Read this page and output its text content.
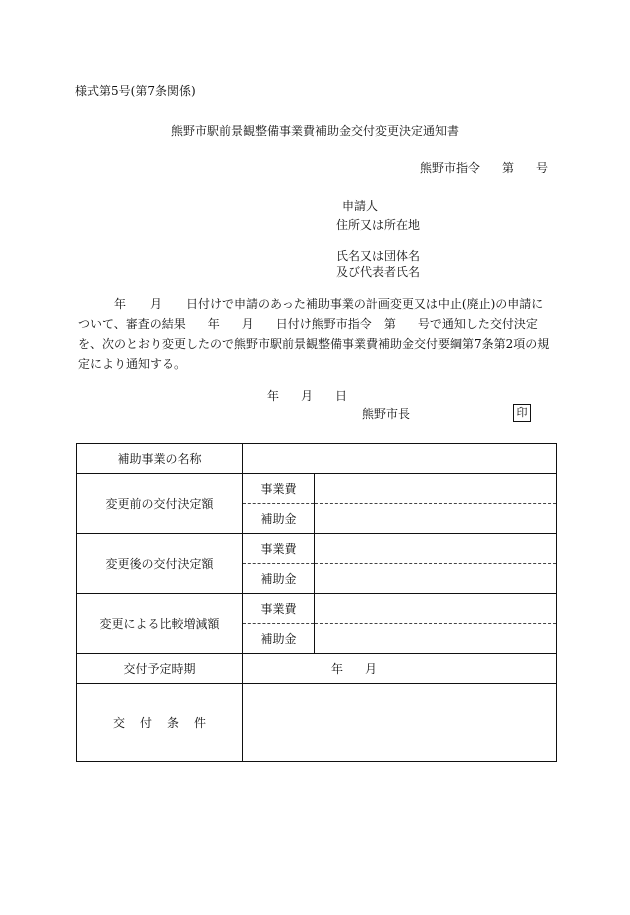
様式第5号(第7条関係)
熊野市駅前景観整備事業費補助金交付変更決定通知書
熊野市指令 第 号
申請人
住所又は所在地
氏名又は団体名
及び代表者氏名
年 月 日付けで申請のあった補助事業の計画変更又は中止(廃止)の申請について、審査の結果 年 月 日付け熊野市指令 第 号で通知した交付決定を、次のとおり変更したので熊野市駅前景観整備事業費補助金交付要綱第7条第2項の規定により通知する。
年 月 日
熊野市長	印
補助事業の名称		
変更前の交付決定額	事業費	
	補助金	
変更後の交付決定額	事業費	
	補助金	
変更による比較増減額	事業費	
	補助金	
交付予定時期	年 月	
交付条件		
